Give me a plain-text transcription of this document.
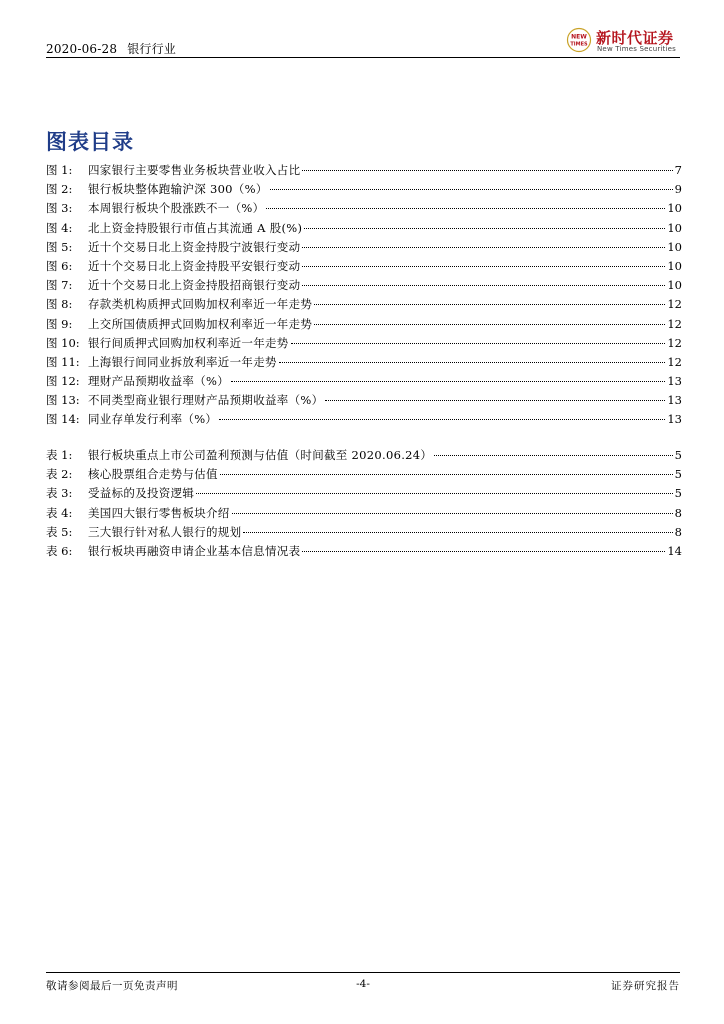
2020-06-28 银行行业
NEW
TIMES 新时代证券
New Times Securities
图表目录
图 1:	四家银行主要零售业务板块营业收入占比	7
图 2:	银行板块整体跑输沪深 300（%）	9
图 3:	本周银行板块个股涨跌不一（%）	10
图 4:	北上资金持股银行市值占其流通 A 股(%)	10
图 5:	近十个交易日北上资金持股宁波银行变动	10
图 6:	近十个交易日北上资金持股平安银行变动	10
图 7:	近十个交易日北上资金持股招商银行变动	10
图 8:	存款类机构质押式回购加权利率近一年走势	12
图 9:	上交所国债质押式回购加权利率近一年走势	12
图 10: 银行间质押式回购加权利率近一年走势	12
图 11: 上海银行间同业拆放利率近一年走势	12
图 12: 理财产品预期收益率（%）	13
图 13: 不同类型商业银行理财产品预期收益率（%）	13
图 14: 同业存单发行利率（%）	13
表 1:	银行板块重点上市公司盈利预测与估值（时间截至 2020.06.24）	5
表 2:	核心股票组合走势与估值	5
表 3:	受益标的及投资逻辑	5
表 4:	美国四大银行零售板块介绍	8
表 5:	三大银行针对私人银行的规划	8
表 6:	银行板块再融资申请企业基本信息情况表	14
敬请参阅最后一页免责声明	-4-	证券研究报告
